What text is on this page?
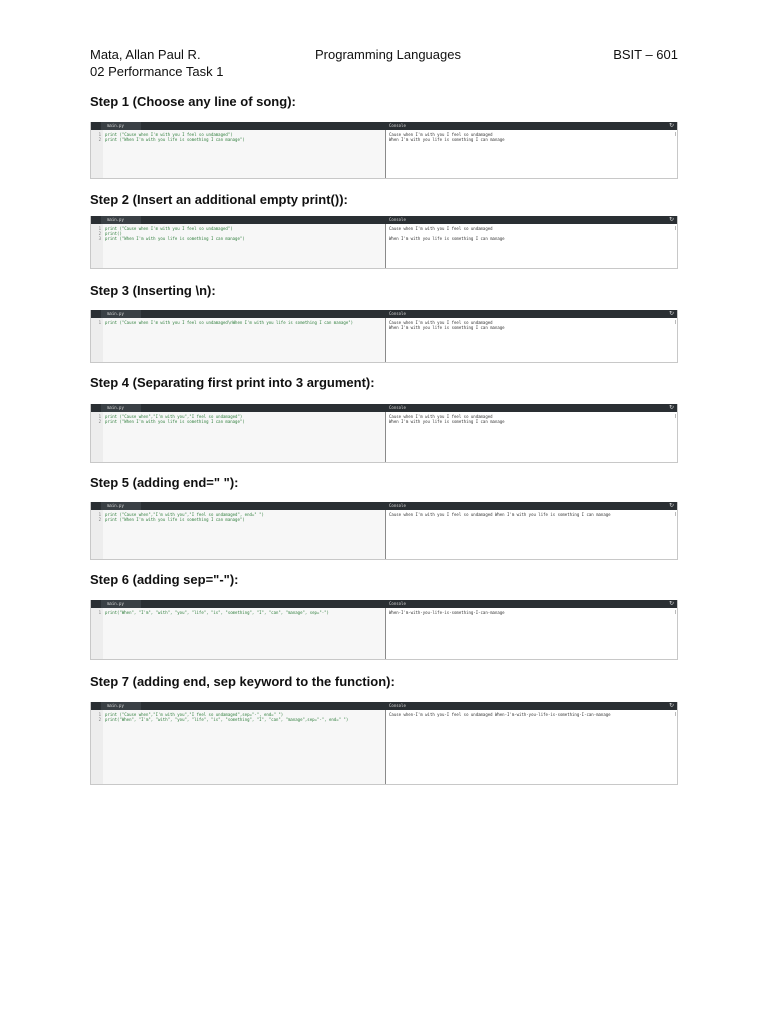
Mata, Allan Paul R.
02 Performance Task 1
Programming Languages	BSIT – 601
Step 1 (Choose any line of song):
main.py	Console	↻
1 print ("Cause when I'm with you I feel so undamaged")
2 print ("When I'm with you life is something I can manage")
Cause when I'm with you I feel so undamaged
When I'm with you life is something I can manage
Step 2 (Insert an additional empty print()):
main.py	Console	↻
1 print ("Cause when I'm with you I feel so undamaged")
2 print()
3 print ("When I'm with you life is something I can manage")
Cause when I'm with you I feel so undamaged
When I'm with you life is something I can manage
Step 3 (Inserting \n):
main.py	Console	↻
1 print ("Cause when I'm with you I feel so undamaged\nWhen I'm with you life is something I can manage")	Cause when I'm with you I feel so undamaged
When I'm with you life is something I can manage
Step 4 (Separating first print into 3 argument):
main.py	Console	↻
1 print ("Cause when","I'm with you","I feel so undamaged")
2 print ("When I'm with you life is something I can manage")
Cause when I'm with you I feel so undamaged
When I'm with you life is something I can manage
Step 5 (adding end=" "):
main.py	Console	↻
1 print ("Cause when","I'm with you","I feel so undamaged", end=" ")
2 print ("When I'm with you life is something I can manage")
Cause when I'm with you I feel so undamaged When I'm with you life is something I can manage
Step 6 (adding sep="-"):
main.py	Console	↻
1 print("When", "I'm", "with", "you", "life", "is", "something", "I", "can", "manage", sep="-")	When-I'm-with-you-life-is-something-I-can-manage
Step 7 (adding end, sep keyword to the function):
main.py	Console	↻
1 print ("Cause when","I'm with you","I feel so undamaged",sep="-", end=" ")
2 print("When", "I'm", "with", "you", "life", "is", "something", "I", "can", "manage",sep="-", end=" ")
Cause when-I'm with you-I feel so undamaged When-I'm-with-you-life-is-something-I-can-manage
